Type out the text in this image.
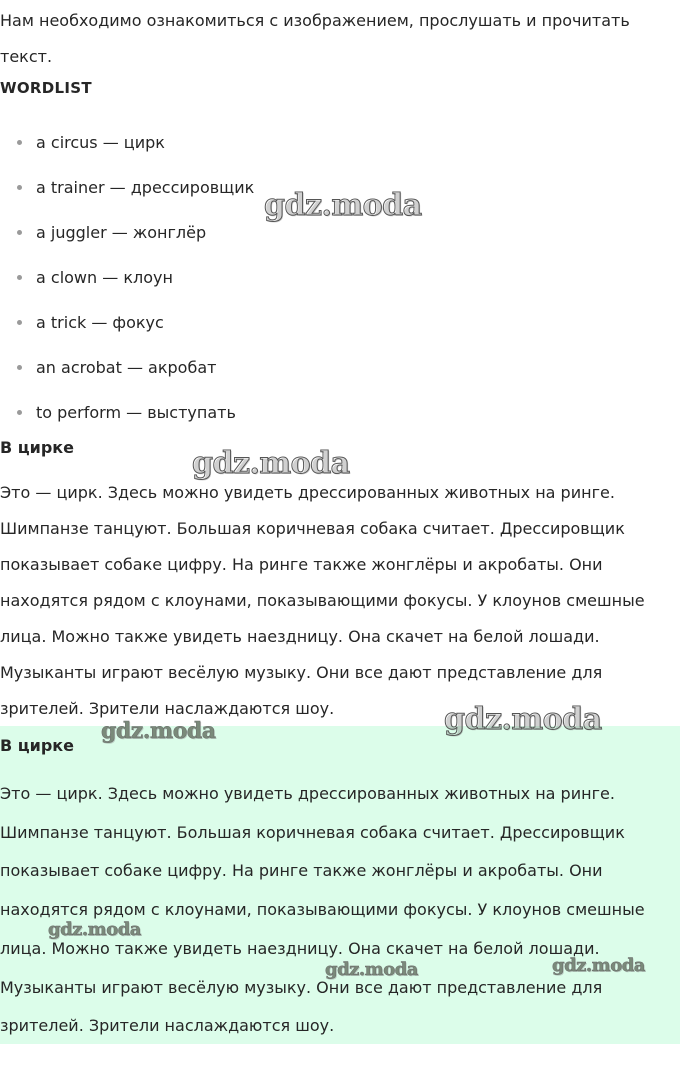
Нам необходимо ознакомиться с изображением, прослушать и прочитать текст.

WORDLIST
a circus — цирк
a trainer — дрессировщик
a juggler — жонглёр
a clown — клоун
a trick — фокус
an acrobat — акробат
to perform — выступать
В цирке

Это — цирк. Здесь можно увидеть дрессированных животных на ринге. Шимпанзе танцуют. Большая коричневая собака считает. Дрессировщик показывает собаке цифру. На ринге также жонглёры и акробаты. Они находятся рядом с клоунами, показывающими фокусы. У клоунов смешные лица. Можно также увидеть наездницу. Она скачет на белой лошади. Музыканты играют весёлую музыку. Они все дают представление для зрителей. Зрители наслаждаются шоу.

В цирке

Это — цирк. Здесь можно увидеть дрессированных животных на ринге. Шимпанзе танцуют. Большая коричневая собака считает. Дрессировщик показывает собаке цифру. На ринге также жонглёры и акробаты. Они находятся рядом с клоунами, показывающими фокусы. У клоунов смешные лица. Можно также увидеть наездницу. Она скачет на белой лошади. Музыканты играют весёлую музыку. Они все дают представление для зрителей. Зрители наслаждаются шоу.

gdz.moda
gdz.moda
gdz.moda
gdz.moda
gdz.moda
gdz.moda	gdz.moda
